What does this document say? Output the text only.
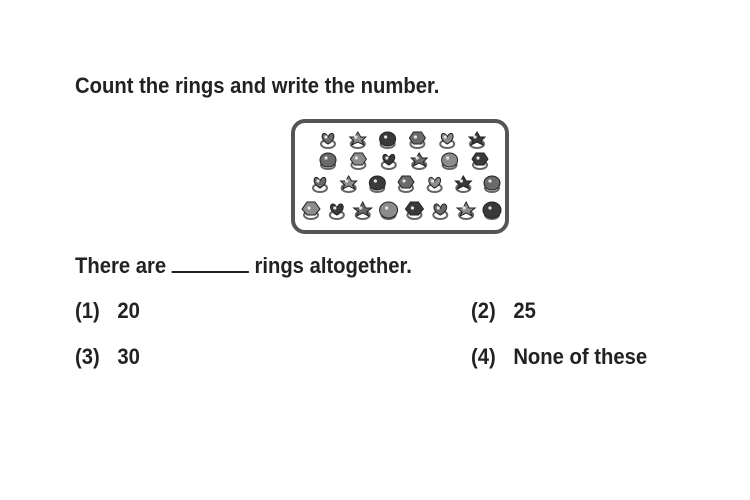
Count the rings and write the number.

There are	rings altogether.

(1) 20	(2) 25
(3) 30	(4) None of these
